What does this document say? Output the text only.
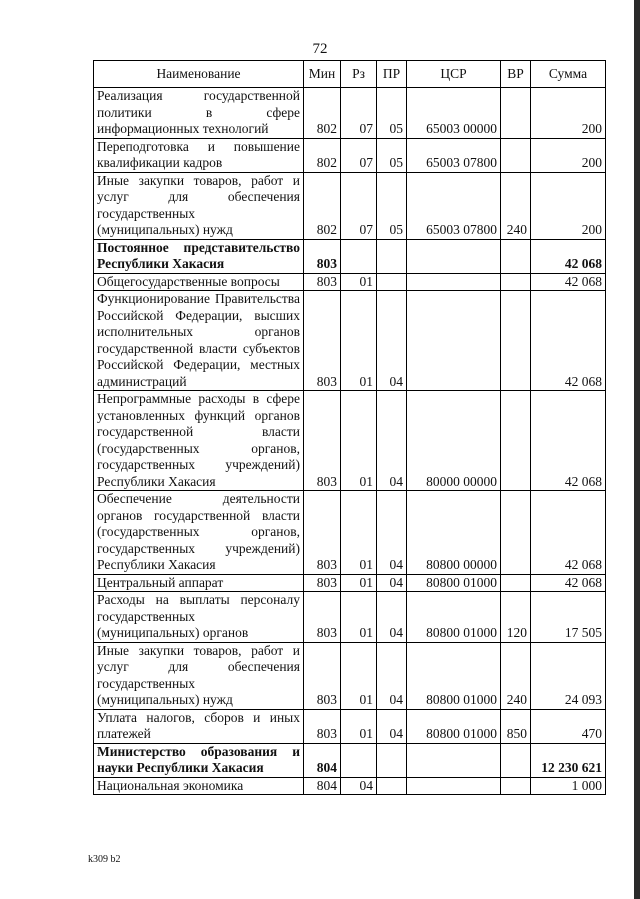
72
Наименование	Мин	Рз	ПР	ЦСР	ВР	Сумма
Реализация государственной политики в сфере информационных технологий	802	07	05	65003 00000		200
Переподготовка и повышение квалификации кадров	802	07	05	65003 07800		200
Иные закупки товаров, работ и услуг для обеспечения государственных (муниципальных) нужд	802	07	05	65003 07800	240	200
Постоянное представительство Республики Хакасия	803					42 068
Общегосударственные вопросы	803	01				42 068
Функционирование Правительства Российской Федерации, высших исполнительных органов государственной власти субъектов Российской Федерации, местных администраций	803	01	04			42 068
Непрограммные расходы в сфере установленных функций органов государственной власти (государственных органов, государственных учреждений) Республики Хакасия	803	01	04	80000 00000		42 068
Обеспечение деятельности органов государственной власти (государственных органов, государственных учреждений) Республики Хакасия	803	01	04	80800 00000		42 068
Центральный аппарат	803	01	04	80800 01000		42 068
Расходы на выплаты персоналу государственных (муниципальных) органов	803	01	04	80800 01000	120	17 505
Иные закупки товаров, работ и услуг для обеспечения государственных (муниципальных) нужд	803	01	04	80800 01000	240	24 093
Уплата налогов, сборов и иных платежей	803	01	04	80800 01000	850	470
Министерство образования и науки Республики Хакасия	804					12 230 621
Национальная экономика	804	04				1 000
k309 b2
